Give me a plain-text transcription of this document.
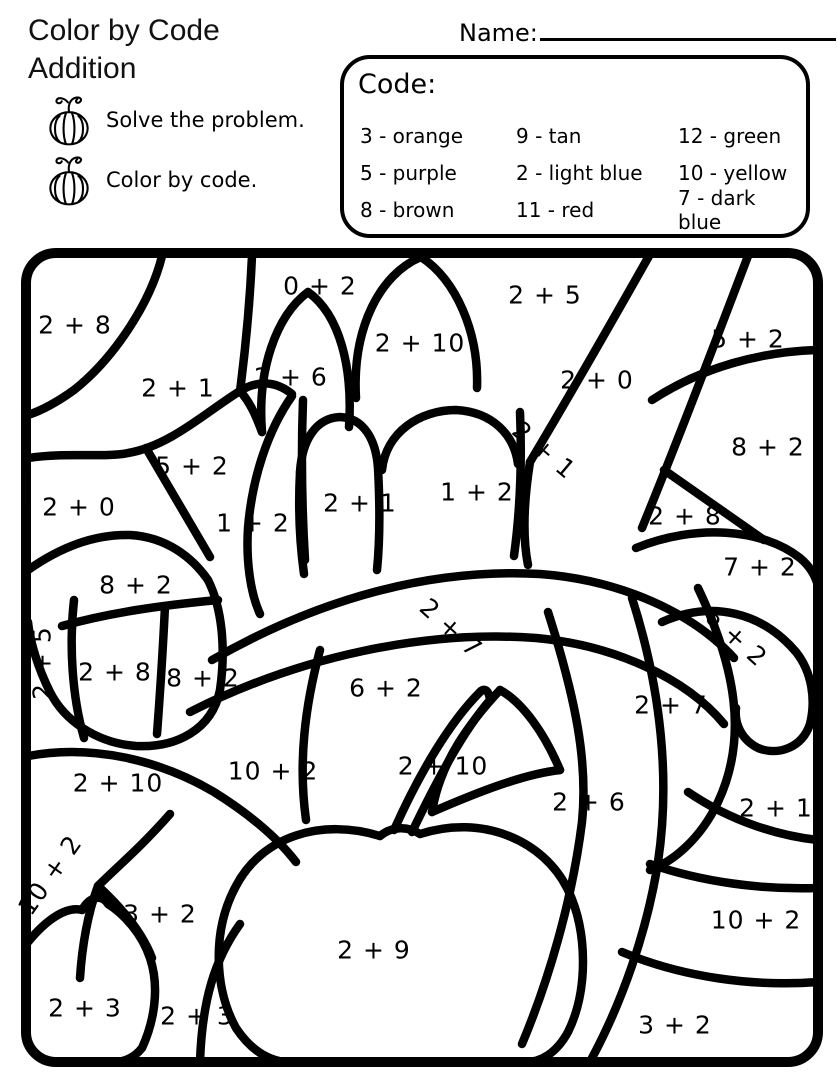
Color by Code
Addition
Name:
Solve the problem.
Color by code.
Code:
3 - orange	9 - tan	12 - green
5 - purple	2 - light blue	10 - yellow
8 - brown	11 - red	7 - dark blue
2 + 8
0 + 2	2 + 5
2 + 10	5 + 2
2 + 6	2 + 0
2 + 1
5 + 2	2 + 1	8 + 2
2 + 0	2 + 1
1 + 2
1 + 2
2 + 8
7 + 2
8 + 2
2 + 7	6 + 2
2 + 5 2 + 8 8 + 2	6 + 2
2 + 7
10 + 2	2 + 10
2 + 10
2 + 6	2 + 1
10 + 2 3 + 2	10 + 2
2 + 9
2 + 3 2 + 3	3 + 2
